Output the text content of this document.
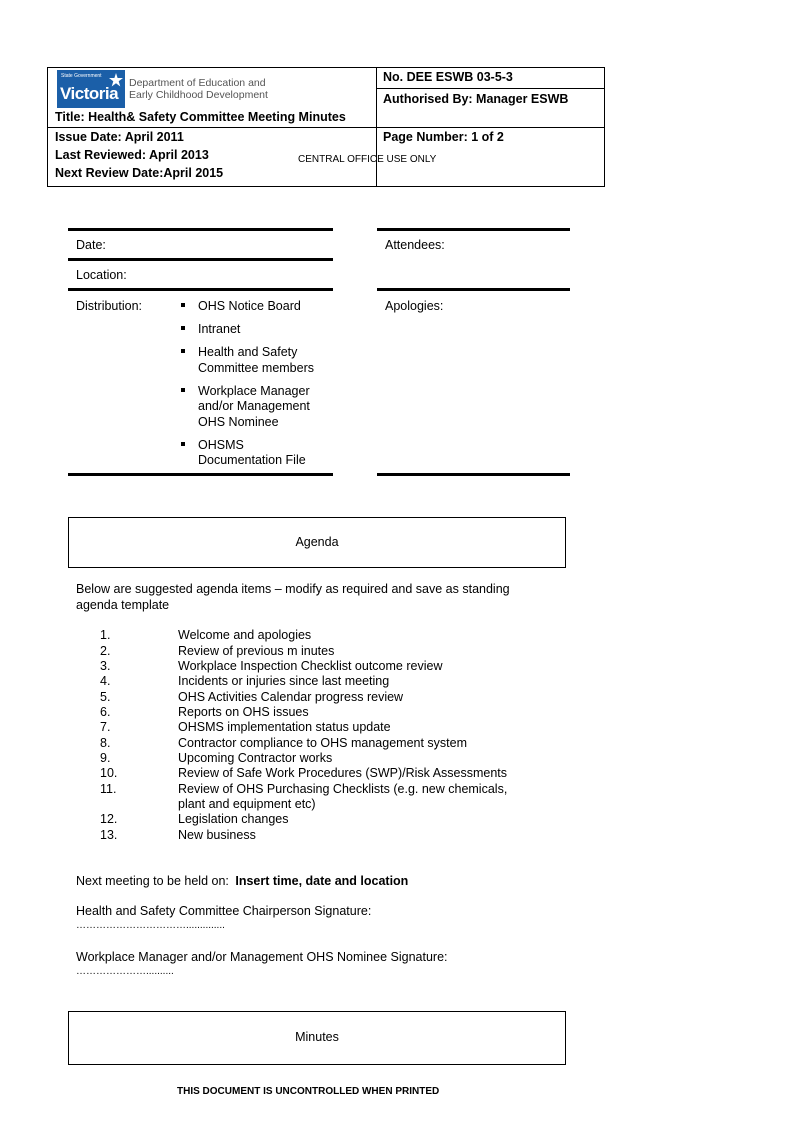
State Government
Victoria
Department of Education and
Early Childhood Development
Title: Health& Safety Committee Meeting Minutes
No. DEE ESWB 03-5-3
Authorised By: Manager ESWB
Issue Date: April 2011
Last Reviewed: April 2013
Next Review Date:April 2015
Page Number: 1 of 2
CENTRAL OFFICE USE ONLY
Date:	Attendees:
Location:
Distribution:	Apologies:
OHS Notice Board
Intranet
Health and Safety
Committee members
Workplace Manager
and/or Management
OHS Nominee
OHSMS
Documentation File
Agenda
Below are suggested agenda items – modify as required and save as standing
agenda template
1.	Welcome and apologies
2.	Review of previous m inutes
3.	Workplace Inspection Checklist outcome review
4.	Incidents or injuries since last meeting
5.	OHS Activities Calendar progress review
6.	Reports on OHS issues
7.	OHSMS implementation status update
8.	Contractor compliance to OHS management system
9.	Upcoming Contractor works
10.	Review of Safe Work Procedures (SWP)/Risk Assessments
11.	Review of OHS Purchasing Checklists (e.g. new chemicals,
plant and equipment etc)
12.	Legislation changes
13.	New business
Next meeting to be held on: Insert time, date and location
Health and Safety Committee Chairperson Signature:
……………………………..............
Workplace Manager and/or Management OHS Nominee Signature:
…………………..........
Minutes
THIS DOCUMENT IS UNCONTROLLED WHEN PRINTED
